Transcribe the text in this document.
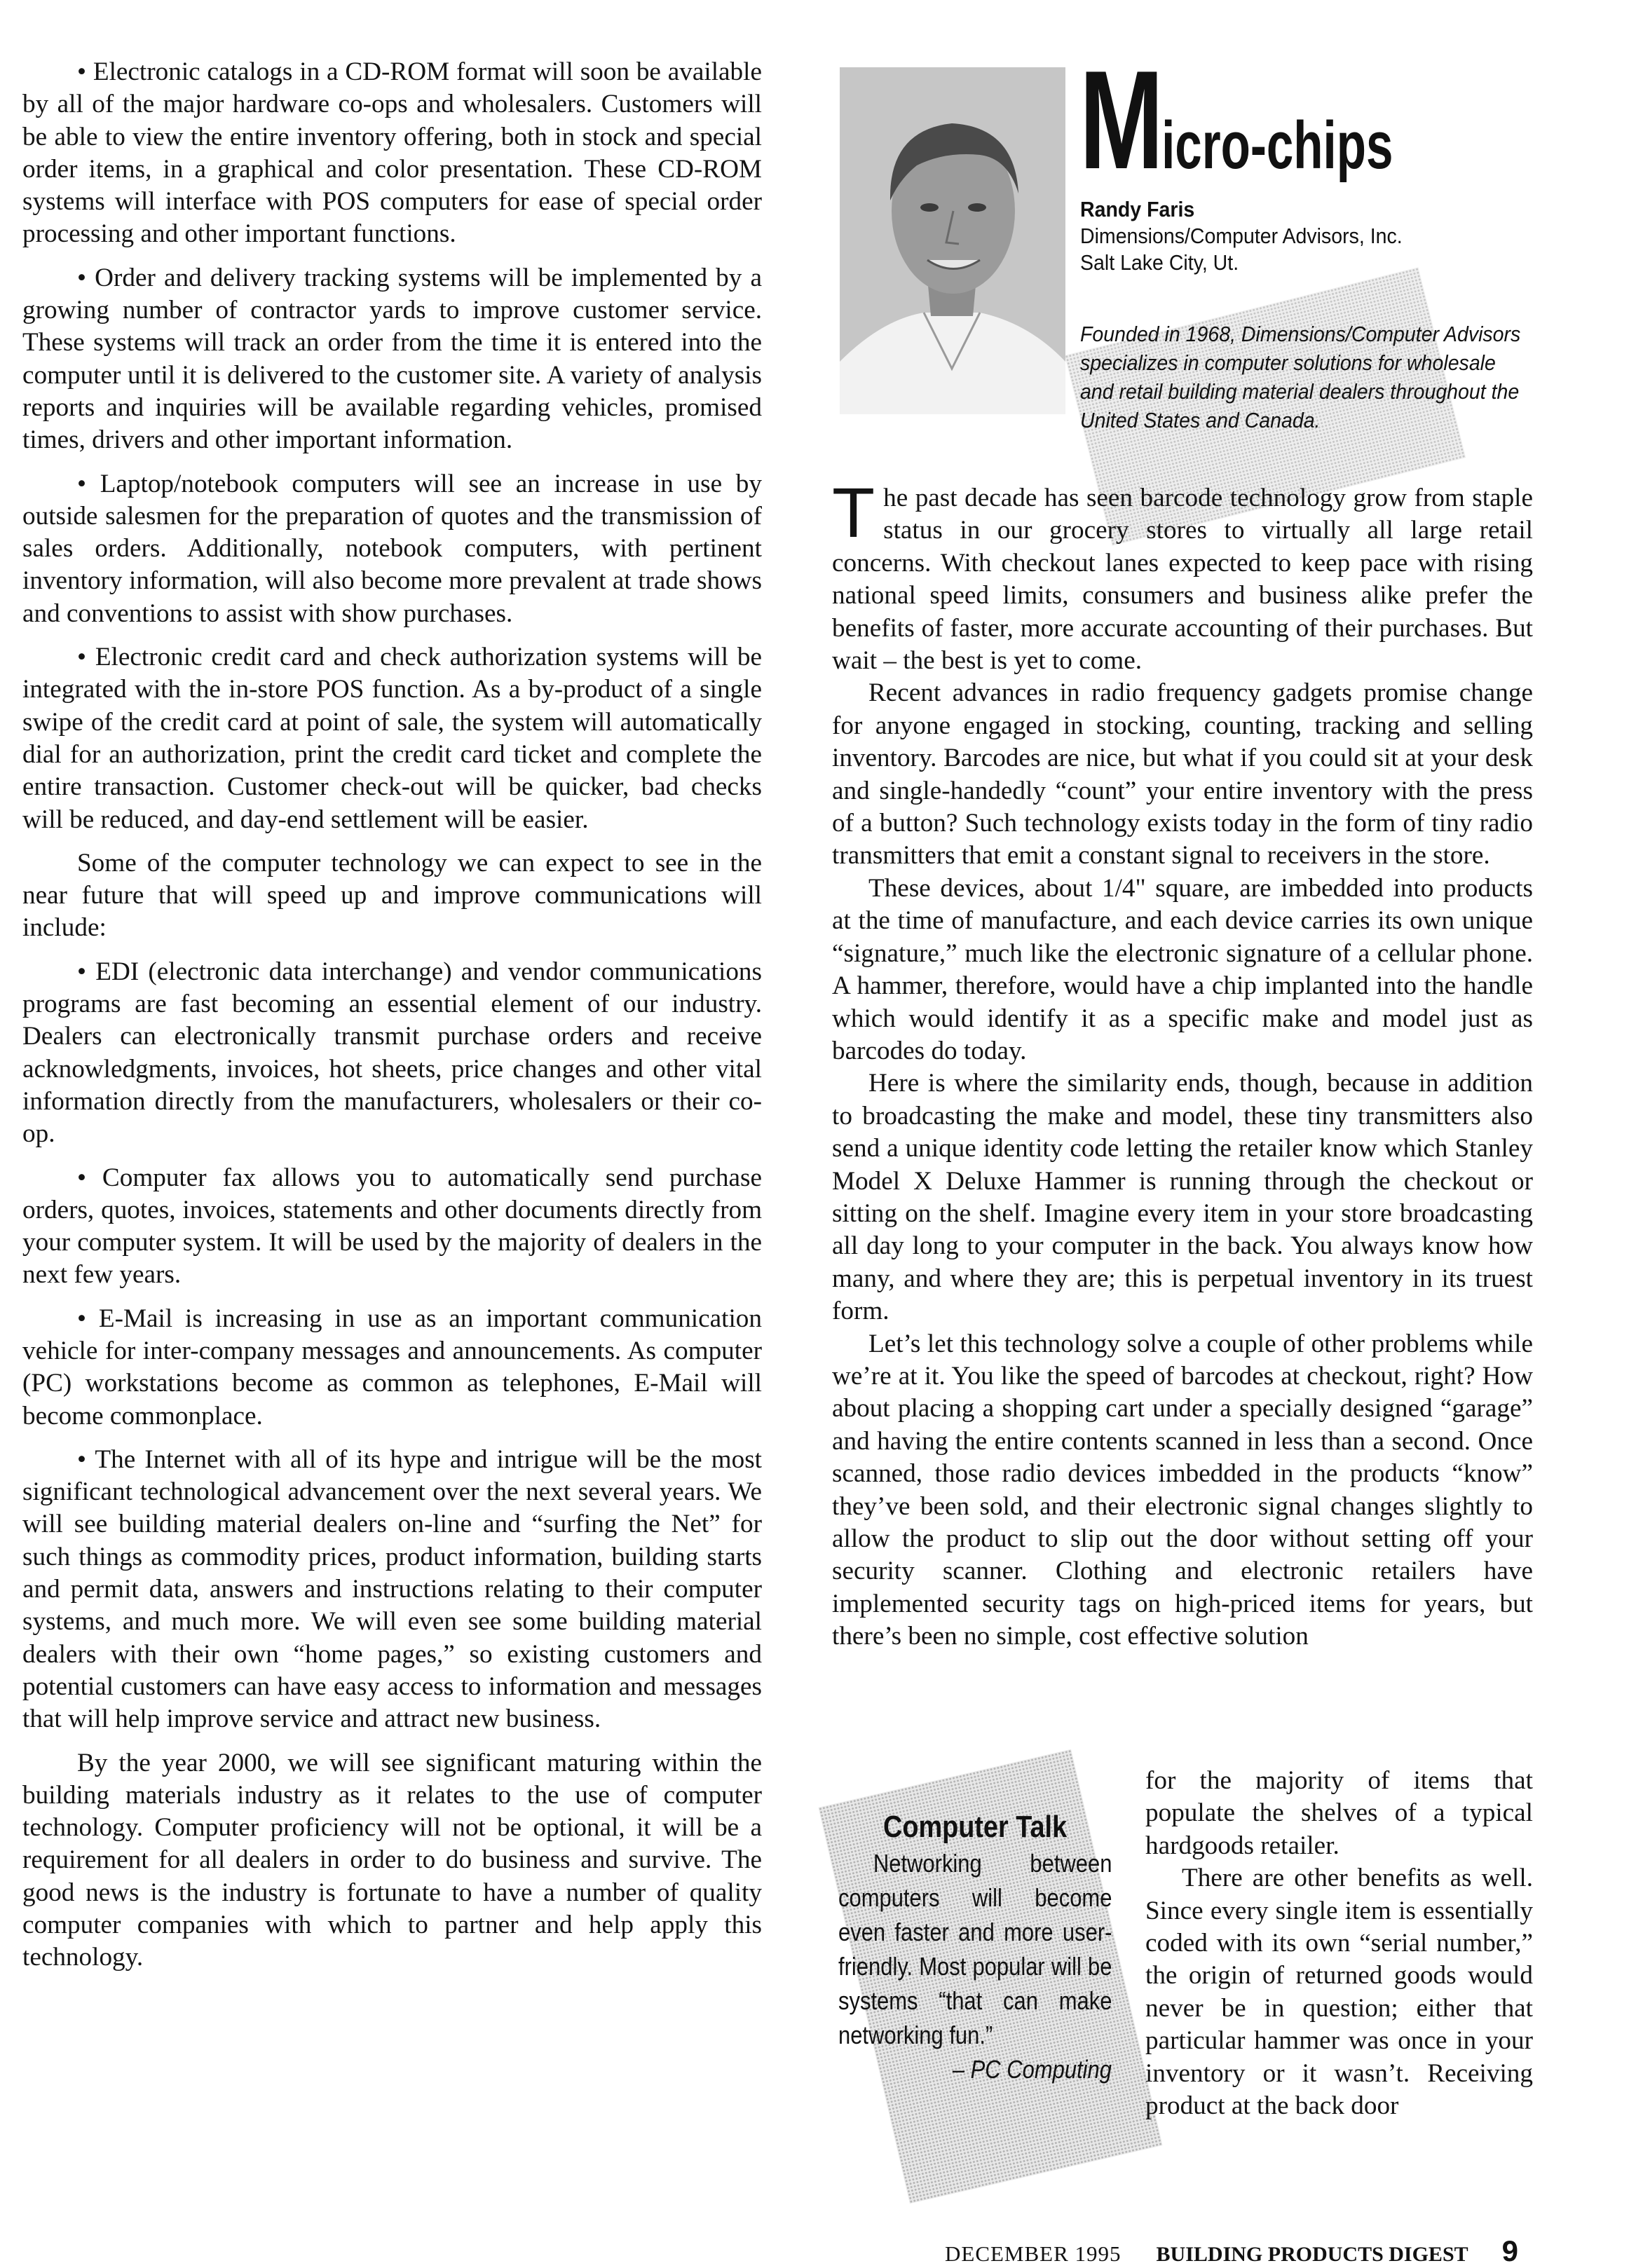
• Electronic catalogs in a CD-ROM format will soon be available by all of the major hardware co-ops and wholesalers. Customers will be able to view the entire inventory offering, both in stock and special order items, in a graphical and color presentation. These CD-ROM systems will interface with POS computers for ease of special order processing and other important functions.

• Order and delivery tracking systems will be implemented by a growing number of contractor yards to improve customer service. These systems will track an order from the time it is entered into the computer until it is delivered to the customer site. A variety of analysis reports and inquiries will be available regarding vehicles, promised times, drivers and other important information.

• Laptop/notebook computers will see an increase in use by outside salesmen for the preparation of quotes and the transmission of sales orders. Additionally, notebook computers, with pertinent inventory information, will also become more prevalent at trade shows and conventions to assist with show purchases.

• Electronic credit card and check authorization systems will be integrated with the in-store POS function. As a by-product of a single swipe of the credit card at point of sale, the system will automatically dial for an authorization, print the credit card ticket and complete the entire transaction. Customer check-out will be quicker, bad checks will be reduced, and day-end settlement will be easier.

Some of the computer technology we can expect to see in the near future that will speed up and improve communications will include:

• EDI (electronic data interchange) and vendor communications programs are fast becoming an essential element of our industry. Dealers can electronically transmit purchase orders and receive acknowledgments, invoices, hot sheets, price changes and other vital information directly from the manufacturers, wholesalers or their co-op.

• Computer fax allows you to automatically send purchase orders, quotes, invoices, statements and other documents directly from your computer system. It will be used by the majority of dealers in the next few years.

• E-Mail is increasing in use as an important communication vehicle for inter-company messages and announcements. As computer (PC) workstations become as common as telephones, E-Mail will become commonplace.

• The Internet with all of its hype and intrigue will be the most significant technological advancement over the next several years. We will see building material dealers on-line and “surfing the Net” for such things as commodity prices, product information, building starts and permit data, answers and instructions relating to their computer systems, and much more. We will even see some building material dealers with their own “home pages,” so existing customers and potential customers can have easy access to information and messages that will help improve service and attract new business.

By the year 2000, we will see significant maturing within the building materials industry as it relates to the use of computer technology. Computer proficiency will not be optional, it will be a requirement for all dealers in order to do business and survive. The good news is the industry is fortunate to have a number of quality computer companies with which to partner and help apply this technology.

Micro-chips
Randy Faris
Dimensions/Computer Advisors, Inc.
Salt Lake City, Ut.
Founded in 1968, Dimensions/Computer Advisors specializes in computer solutions for wholesale and retail building material dealers throughout the United States and Canada.

The past decade has seen barcode technology grow from staple status in our grocery stores to virtually all large retail concerns. With checkout lanes expected to keep pace with rising national speed limits, consumers and business alike prefer the benefits of faster, more accurate accounting of their purchases. But wait – the best is yet to come.

Recent advances in radio frequency gadgets promise change for anyone engaged in stocking, counting, tracking and selling inventory. Barcodes are nice, but what if you could sit at your desk and single-handedly “count” your entire inventory with the press of a button? Such technology exists today in the form of tiny radio transmitters that emit a constant signal to receivers in the store.

These devices, about 1/4" square, are imbedded into products at the time of manufacture, and each device carries its own unique “signature,” much like the electronic signature of a cellular phone. A hammer, therefore, would have a chip implanted into the handle which would identify it as a specific make and model just as barcodes do today.

Here is where the similarity ends, though, because in addition to broadcasting the make and model, these tiny transmitters also send a unique identity code letting the retailer know which Stanley Model X Deluxe Hammer is running through the checkout or sitting on the shelf. Imagine every item in your store broadcasting all day long to your computer in the back. You always know how many, and where they are; this is perpetual inventory in its truest form.

Let’s let this technology solve a couple of other problems while we’re at it. You like the speed of barcodes at checkout, right? How about placing a shopping cart under a specially designed “garage” and having the entire contents scanned in less than a second. Once scanned, those radio devices imbedded in the products “know” they’ve been sold, and their electronic signal changes slightly to allow the product to slip out the door without setting off your security scanner. Clothing and electronic retailers have implemented security tags on high-priced items for years, but there’s been no simple, cost effective solution

Computer Talk

Networking between computers will become even faster and more user-friendly. Most popular will be systems “that can make networking fun.”

– PC Computing

for the majority of items that populate the shelves of a typical hardgoods retailer.

There are other benefits as well. Since every single item is essentially coded with its own “serial number,” the origin of returned goods would never be in question; either that particular hammer was once in your inventory or it wasn’t. Receiving product at the back door

DECEMBER 1995 BUILDING PRODUCTS DIGEST 9
